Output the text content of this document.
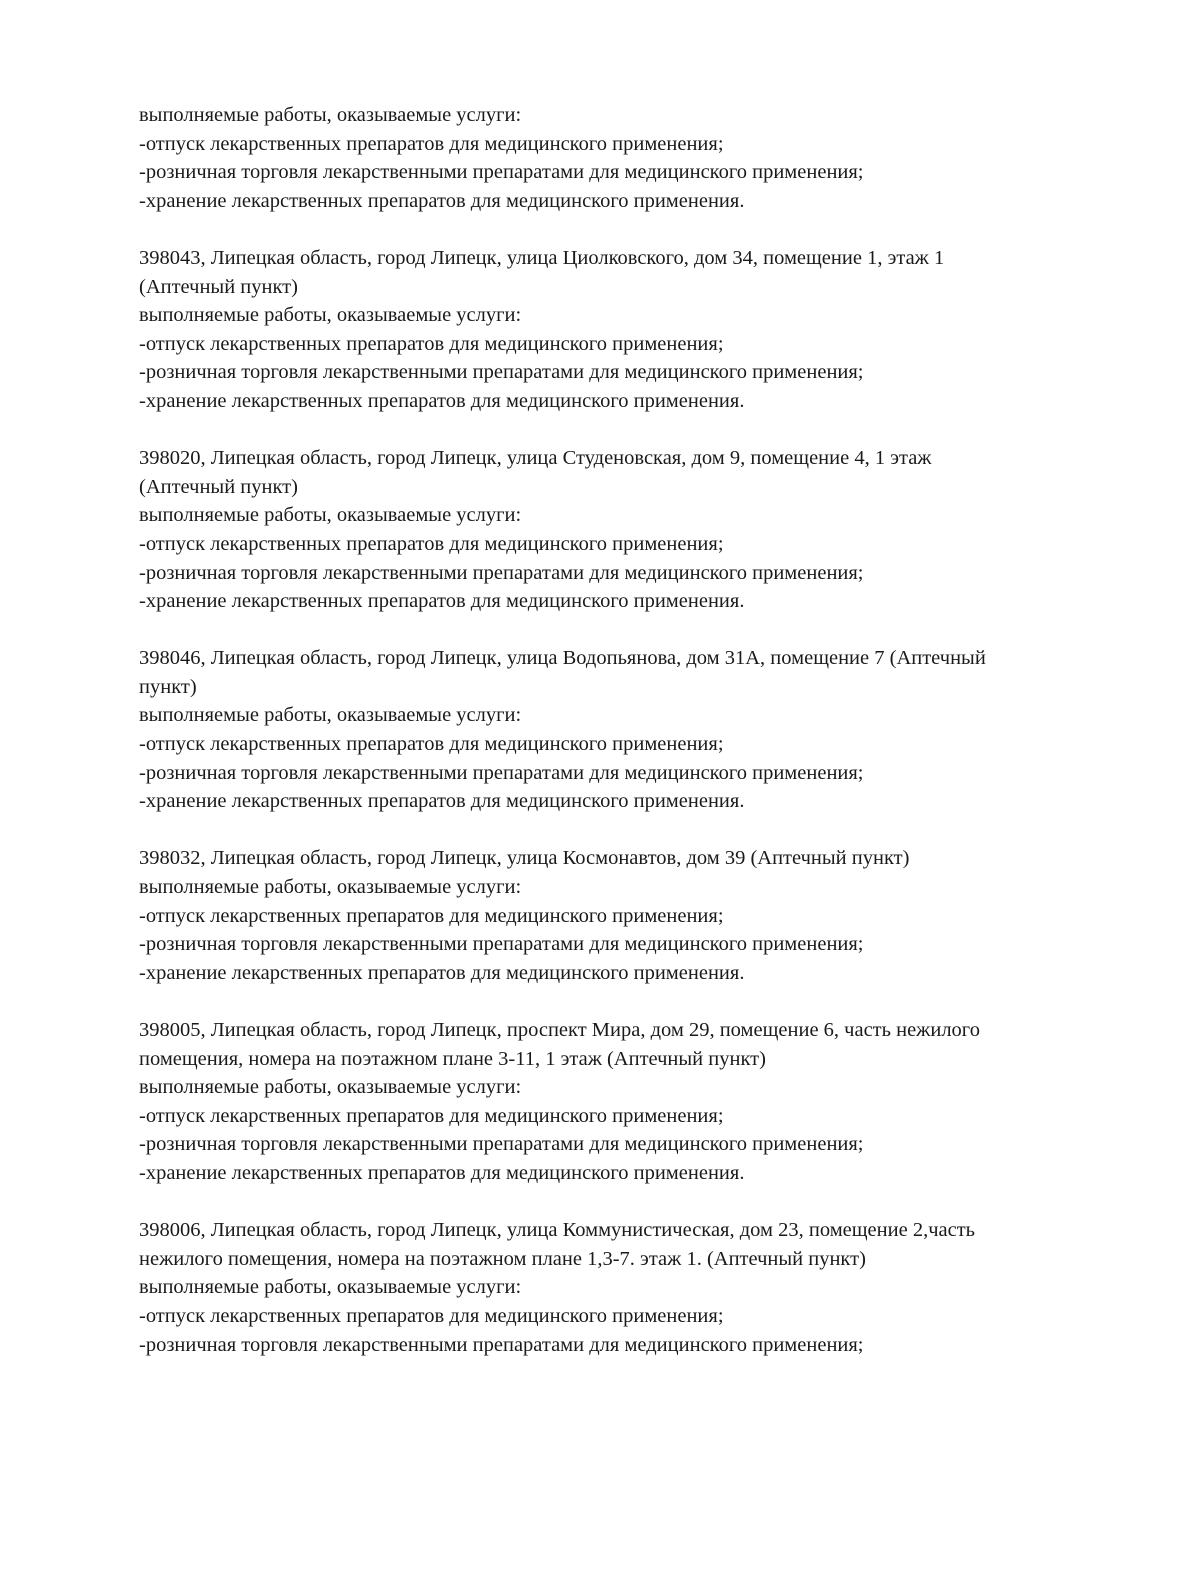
выполняемые работы, оказываемые услуги:
-отпуск лекарственных препаратов для медицинского применения;
-розничная торговля лекарственными препаратами для медицинского применения;
-хранение лекарственных препаратов для медицинского применения.
398043, Липецкая область, город Липецк, улица Циолковского, дом 34, помещение 1, этаж 1
(Аптечный пункт)
выполняемые работы, оказываемые услуги:
-отпуск лекарственных препаратов для медицинского применения;
-розничная торговля лекарственными препаратами для медицинского применения;
-хранение лекарственных препаратов для медицинского применения.
398020, Липецкая область, город Липецк, улица Студеновская, дом 9, помещение 4, 1 этаж
(Аптечный пункт)
выполняемые работы, оказываемые услуги:
-отпуск лекарственных препаратов для медицинского применения;
-розничная торговля лекарственными препаратами для медицинского применения;
-хранение лекарственных препаратов для медицинского применения.
398046, Липецкая область, город Липецк, улица Водопьянова, дом 31А, помещение 7 (Аптечный
пункт)
выполняемые работы, оказываемые услуги:
-отпуск лекарственных препаратов для медицинского применения;
-розничная торговля лекарственными препаратами для медицинского применения;
-хранение лекарственных препаратов для медицинского применения.
398032, Липецкая область, город Липецк, улица Космонавтов, дом 39 (Аптечный пункт)
выполняемые работы, оказываемые услуги:
-отпуск лекарственных препаратов для медицинского применения;
-розничная торговля лекарственными препаратами для медицинского применения;
-хранение лекарственных препаратов для медицинского применения.
398005, Липецкая область, город Липецк, проспект Мира, дом 29, помещение 6, часть нежилого
помещения, номера на поэтажном плане 3-11, 1 этаж (Аптечный пункт)
выполняемые работы, оказываемые услуги:
-отпуск лекарственных препаратов для медицинского применения;
-розничная торговля лекарственными препаратами для медицинского применения;
-хранение лекарственных препаратов для медицинского применения.
398006, Липецкая область, город Липецк, улица Коммунистическая, дом 23, помещение 2,часть
нежилого помещения, номера на поэтажном плане 1,3-7. этаж 1. (Аптечный пункт)
выполняемые работы, оказываемые услуги:
-отпуск лекарственных препаратов для медицинского применения;
-розничная торговля лекарственными препаратами для медицинского применения;
